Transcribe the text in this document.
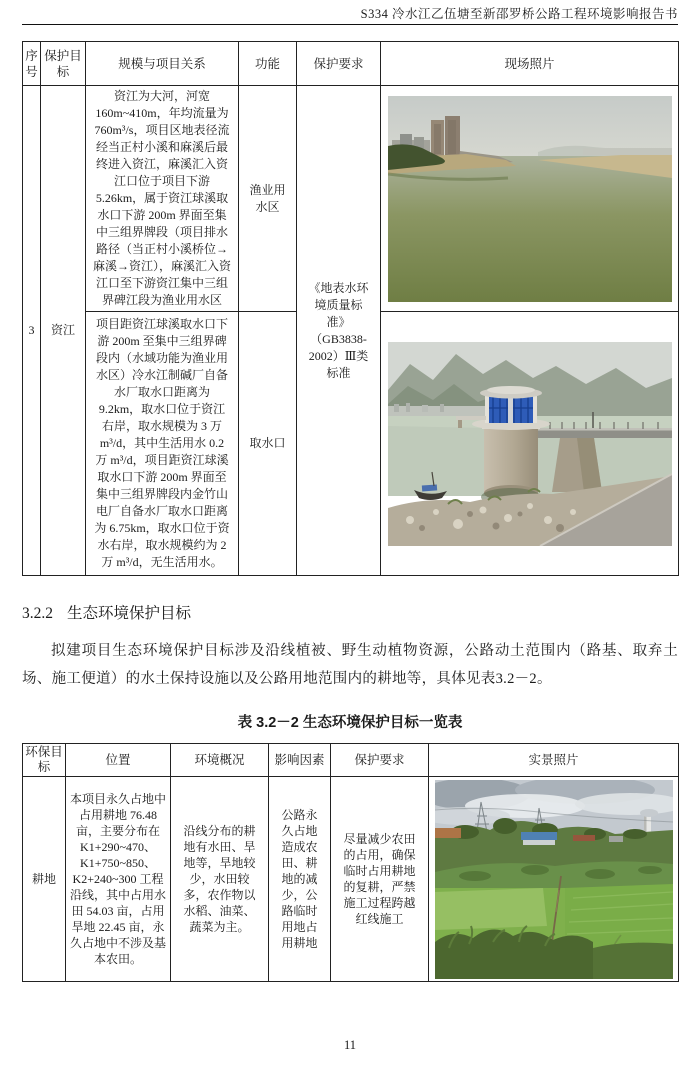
S334 冷水江乙伍塘至新邵罗桥公路工程环境影响报告书
序号	保护目标	规模与项目关系	功能	保护要求	现场照片
3	资江	资江为大河，河宽160m~410m，年均流量为 760m³/s，项目区地表径流经当正村小溪和麻溪后最终进入资江，麻溪汇入资江口位于项目下游 5.26km，属于资江球溪取水口下游 200m 界面至集中三组界牌段（项目排水路径（当正村小溪桥位→麻溪→资江），麻溪汇入资江口至下游资江集中三组界碑江段为渔业用水区	渔业用水区	《地表水环境质量标准》（GB3838-2002）Ⅲ类标准	
		项目距资江球溪取水口下游 200m 至集中三组界碑段内（水域功能为渔业用水区）冷水江制碱厂自备水厂取水口距离为 9.2km，取水口位于资江右岸，取水规模为 3 万 m³/d，其中生活用水 0.2 万 m³/d，项目距资江球溪取水口下游 200m 界面至集中三组界牌段内金竹山电厂自备水厂取水口距离为 6.75km，取水口位于资水右岸，取水规模约为 2 万 m³/d，无生活用水。	取水口	
3.2.2 生态环境保护目标

拟建项目生态环境保护目标涉及沿线植被、野生动植物资源，公路动土范围内（路基、取弃土场、施工便道）的水土保持设施以及公路用地范围内的耕地等，具体见表3.2－2。

表 3.2－2 生态环境保护目标一览表
环保目标	位置	环境概况	影响因素	保护要求	实景照片
耕地	本项目永久占地中占用耕地 76.48 亩，主要分布在 K1+290~470、K1+750~850、K2+240~300 工程沿线，其中占用水田 54.03 亩，占用旱地 22.45 亩，永久占地中不涉及基本农田。	沿线分布的耕地有水田、旱地等，旱地较少，水田较多，农作物以水稻、油菜、蔬菜为主。	公路永久占地造成农田、耕地的减少，公路临时用地占用耕地	尽量减少农田的占用，确保临时占用耕地的复耕，严禁施工过程跨越红线施工	
11
